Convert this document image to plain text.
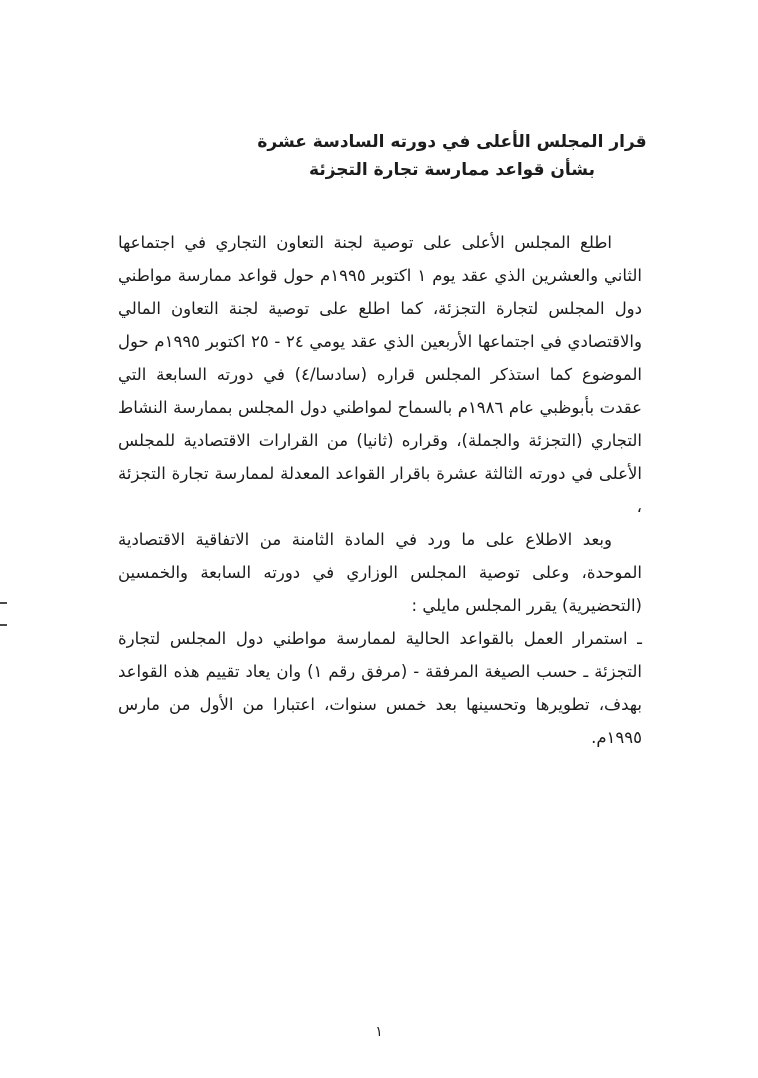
قرار المجلس الأعلى في دورته السادسة عشرة
بشأن قواعد ممارسة تجارة التجزئة

اطلع المجلس الأعلى على توصية لجنة التعاون التجاري في اجتماعها الثاني والعشرين الذي عقد يوم ١ اكتوبر ١٩٩٥م حول قواعد ممارسة مواطني دول المجلس لتجارة التجزئة، كما اطلع على توصية لجنة التعاون المالي والاقتصادي في اجتماعها الأربعين الذي عقد يومي ٢٤ - ٢٥ اكتوبر ١٩٩٥م حول الموضوع كما استذكر المجلس قراره (سادسا/٤) في دورته السابعة التي عقدت بأبوظبي عام ١٩٨٦م بالسماح لمواطني دول المجلس بممارسة النشاط التجاري (التجزئة والجملة)، وقراره (ثانيا) من القرارات الاقتصادية للمجلس الأعلى في دورته الثالثة عشرة باقرار القواعد المعدلة لممارسة تجارة التجزئة ،

وبعد الاطلاع على ما ورد في المادة الثامنة من الاتفاقية الاقتصادية الموحدة، وعلى توصية المجلس الوزاري في دورته السابعة والخمسين (التحضيرية) يقرر المجلس مايلي :

ـ استمرار العمل بالقواعد الحالية لممارسة مواطني دول المجلس لتجارة التجزئة ـ حسب الصيغة المرفقة - (مرفق رقم ١) وان يعاد تقييم هذه القواعد بهدف، تطويرها وتحسينها بعد خمس سنوات، اعتبارا من الأول من مارس ١٩٩٥م.

١
